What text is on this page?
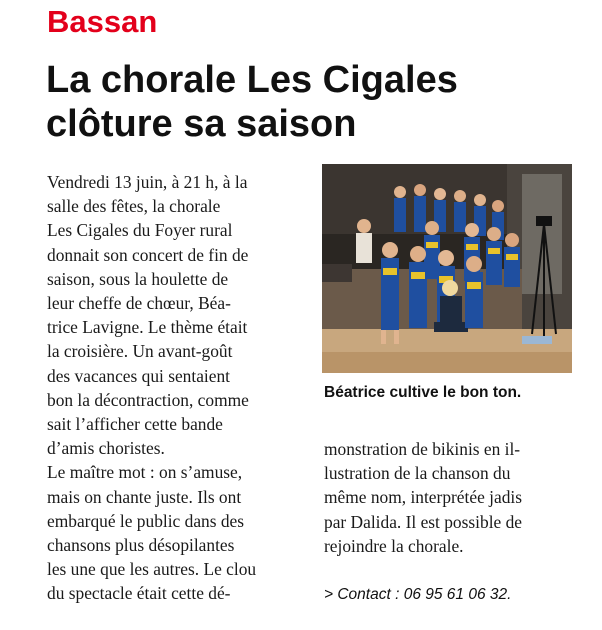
Bassan
La chorale Les Cigales
clôture sa saison
Vendredi 13 juin, à 21 h, à la
salle des fêtes, la chorale
Les Cigales du Foyer rural
donnait son concert de fin de
saison, sous la houlette de
leur cheffe de chœur, Béa-
trice Lavigne. Le thème était
la croisière. Un avant-goût
des vacances qui sentaient
bon la décontraction, comme
sait l’afficher cette bande
d’amis choristes.
Le maître mot : on s’amuse,
mais on chante juste. Ils ont
embarqué le public dans des
chansons plus désopilantes
les une que les autres. Le clou
du spectacle était cette dé-
Béatrice cultive le bon ton.
monstration de bikinis en il-
lustration de la chanson du
même nom, interprétée jadis
par Dalida. Il est possible de
rejoindre la chorale.
> Contact : 06 95 61 06 32.
